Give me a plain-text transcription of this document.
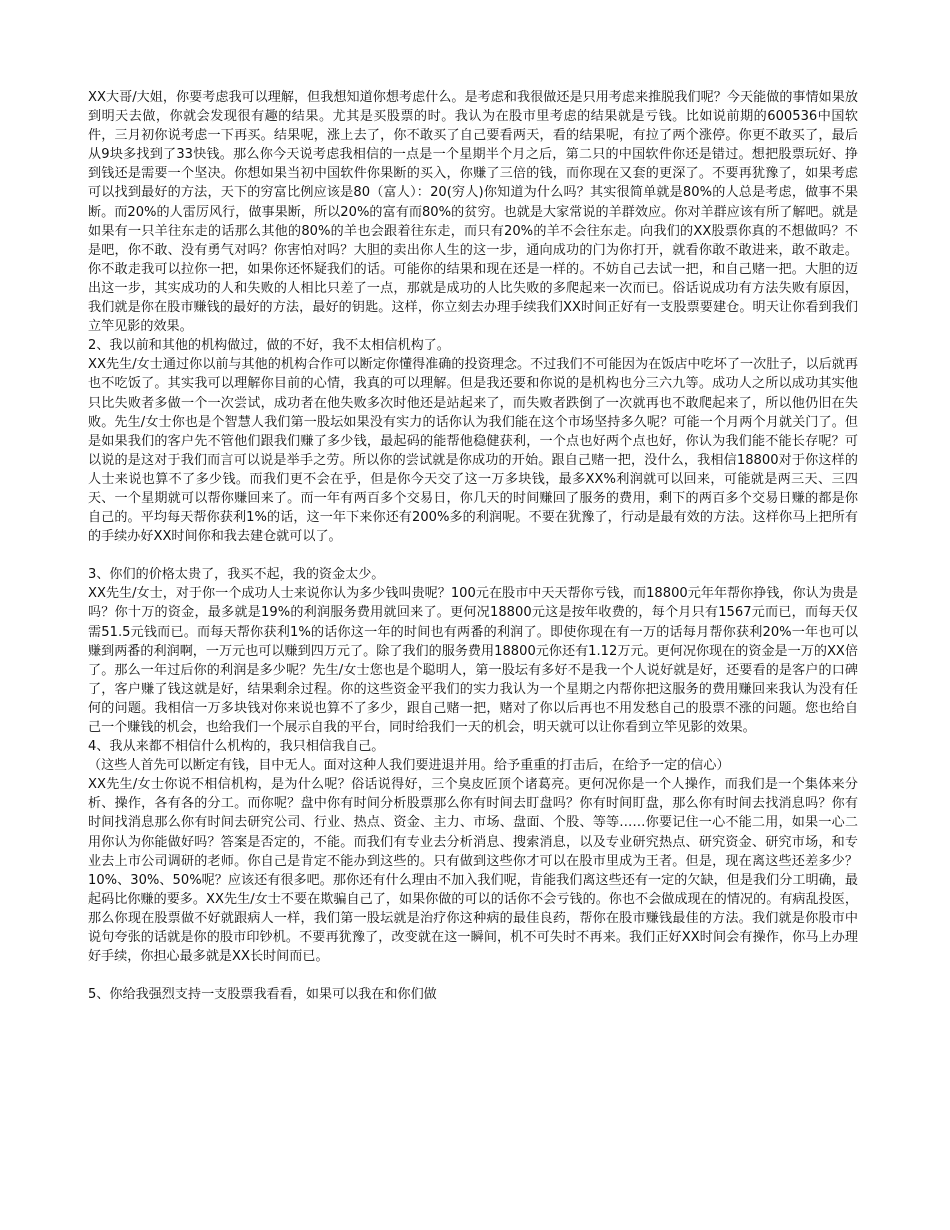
XX大哥/大姐，你要考虑我可以理解，但我想知道你想考虑什么。是考虑和我很做还是只用考虑来推脱我们呢？今天能做的事情如果放到明天去做，你就会发现很有趣的结果。尤其是买股票的时。我认为在股市里考虑的结果就是亏钱。比如说前期的600536中国软件，三月初你说考虑一下再买。结果呢，涨上去了，你不敢买了自己要看两天，看的结果呢，有拉了两个涨停。你更不敢买了，最后从9块多找到了33快钱。那么你今天说考虑我相信的一点是一个星期半个月之后，第二只的中国软件你还是错过。想把股票玩好、挣到钱还是需要一个坚决。你想如果当初中国软件你果断的买入，你赚了三倍的钱，而你现在又套的更深了。不要再犹豫了，如果考虑可以找到最好的方法，天下的穷富比例应该是80（富人）：20(穷人)你知道为什么吗？其实很简单就是80%的人总是考虑，做事不果断。而20%的人雷厉风行，做事果断，所以20%的富有而80%的贫穷。也就是大家常说的羊群效应。你对羊群应该有所了解吧。就是如果有一只羊往东走的话那么其他的80%的羊也会跟着往东走，而只有20%的羊不会往东走。向我们的XX股票你真的不想做吗？不是吧，你不敢、没有勇气对吗？你害怕对吗？大胆的卖出你人生的这一步，通向成功的门为你打开，就看你敢不敢进来，敢不敢走。你不敢走我可以拉你一把，如果你还怀疑我们的话。可能你的结果和现在还是一样的。不妨自己去试一把，和自己赌一把。大胆的迈出这一步，其实成功的人和失败的人相比只差了一点，那就是成功的人比失败的多爬起来一次而已。俗话说成功有方法失败有原因，我们就是你在股市赚钱的最好的方法，最好的钥匙。这样，你立刻去办理手续我们XX时间正好有一支股票要建仓。明天让你看到我们立竿见影的效果。

2、我以前和其他的机构做过，做的不好，我不太相信机构了。

XX先生/女士通过你以前与其他的机构合作可以断定你懂得准确的投资理念。不过我们不可能因为在饭店中吃坏了一次肚子，以后就再也不吃饭了。其实我可以理解你目前的心情，我真的可以理解。但是我还要和你说的是机构也分三六九等。成功人之所以成功其实他只比失败者多做一个一次尝试，成功者在他失败多次时他还是站起来了，而失败者跌倒了一次就再也不敢爬起来了，所以他仍旧在失败。先生/女士你也是个智慧人我们第一股坛如果没有实力的话你认为我们能在这个市场坚持多久呢？可能一个月两个月就关门了。但是如果我们的客户先不管他们跟我们赚了多少钱，最起码的能帮他稳健获利，一个点也好两个点也好，你认为我们能不能长存呢？可以说的是这对于我们而言可以说是举手之劳。所以你的尝试就是你成功的开始。跟自己赌一把，没什么，我相信18800对于你这样的人士来说也算不了多少钱。而我们更不会在乎，但是你今天交了这一万多块钱，最多XX%利润就可以回来，可能就是两三天、三四天、一个星期就可以帮你赚回来了。而一年有两百多个交易日，你几天的时间赚回了服务的费用，剩下的两百多个交易日赚的都是你自己的。平均每天帮你获利1%的话，这一年下来你还有200%多的利润呢。不要在犹豫了，行动是最有效的方法。这样你马上把所有的手续办好XX时间你和我去建仓就可以了。

3、你们的价格太贵了，我买不起，我的资金太少。

XX先生/女士，对于你一个成功人士来说你认为多少钱叫贵呢？100元在股市中天天帮你亏钱，而18800元年年帮你挣钱，你认为贵是吗？你十万的资金，最多就是19%的利润服务费用就回来了。更何况18800元这是按年收费的，每个月只有1567元而已，而每天仅需51.5元钱而已。而每天帮你获利1%的话你这一年的时间也有两番的利润了。即使你现在有一万的话每月帮你获利20%一年也可以赚到两番的利润啊，一万元也可以赚到四万元了。除了我们的服务费用18800元你还有1.12万元。更何况你现在的资金是一万的XX倍了。那么一年过后你的利润是多少呢？先生/女士您也是个聪明人，第一股坛有多好不是我一个人说好就是好，还要看的是客户的口碑了，客户赚了钱这就是好，结果剩余过程。你的这些资金平我们的实力我认为一个星期之内帮你把这服务的费用赚回来我认为没有任何的问题。我相信一万多块钱对你来说也算不了多少，跟自己赌一把，赌对了你以后再也不用发愁自己的股票不涨的问题。您也给自己一个赚钱的机会，也给我们一个展示自我的平台，同时给我们一天的机会，明天就可以让你看到立竿见影的效果。

4、我从来都不相信什么机构的，我只相信我自己。

（这些人首先可以断定有钱，目中无人。面对这种人我们要进退并用。给予重重的打击后，在给予一定的信心）

XX先生/女士你说不相信机构，是为什么呢？俗话说得好，三个臭皮匠顶个诸葛亮。更何况你是一个人操作，而我们是一个集体来分析、操作，各有各的分工。而你呢？盘中你有时间分析股票那么你有时间去盯盘吗？你有时间盯盘，那么你有时间去找消息吗？你有时间找消息那么你有时间去研究公司、行业、热点、资金、主力、市场、盘面、个股、等等……你要记住一心不能二用，如果一心二用你认为你能做好吗？答案是否定的，不能。而我们有专业去分析消息、搜索消息，以及专业研究热点、研究资金、研究市场，和专业去上市公司调研的老师。你自己是肯定不能办到这些的。只有做到这些你才可以在股市里成为王者。但是，现在离这些还差多少？10%、30%、50%呢？应该还有很多吧。那你还有什么理由不加入我们呢，肯能我们离这些还有一定的欠缺，但是我们分工明确，最起码比你赚的要多。XX先生/女士不要在欺骗自己了，如果你做的可以的话你不会亏钱的。你也不会做成现在的情况的。有病乱投医，那么你现在股票做不好就跟病人一样，我们第一股坛就是治疗你这种病的最佳良药，帮你在股市赚钱最佳的方法。我们就是你股市中说句夸张的话就是你的股市印钞机。不要再犹豫了，改变就在这一瞬间，机不可失时不再来。我们正好XX时间会有操作，你马上办理好手续，你担心最多就是XX长时间而已。

5、你给我强烈支持一支股票我看看，如果可以我在和你们做
